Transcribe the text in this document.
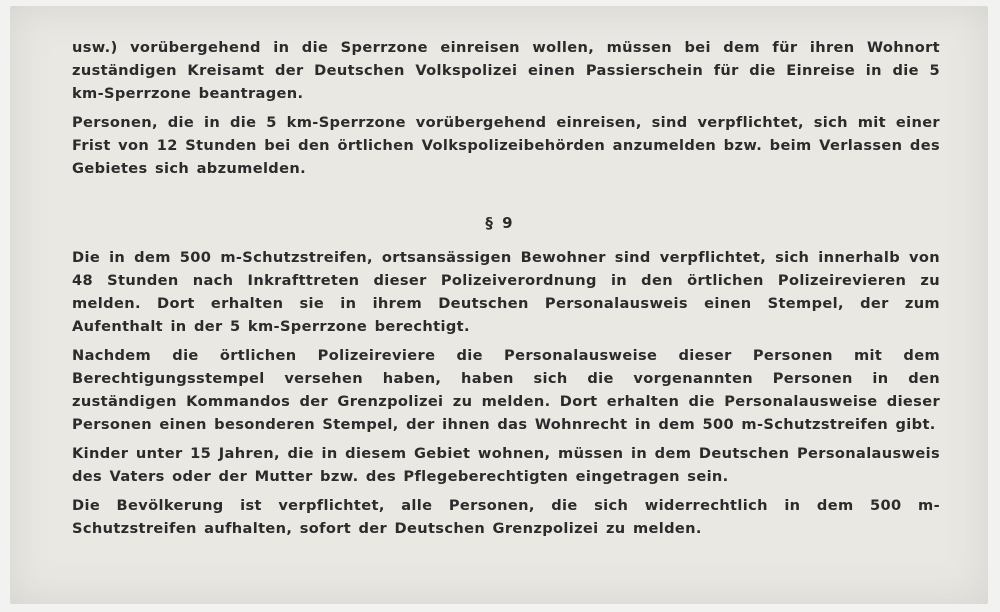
usw.) vorübergehend in die Sperrzone einreisen wollen, müssen bei dem für ihren Wohnort zuständigen Kreisamt der Deutschen Volkspolizei einen Passierschein für die Einreise in die 5 km-Sperrzone beantragen.

Personen, die in die 5 km-Sperrzone vorübergehend einreisen, sind verpflichtet, sich mit einer Frist von 12 Stunden bei den örtlichen Volkspolizeibehörden anzumelden bzw. beim Verlassen des Gebietes sich abzumelden.

§ 9

Die in dem 500 m-Schutzstreifen, ortsansässigen Bewohner sind verpflichtet, sich innerhalb von 48 Stunden nach Inkrafttreten dieser Polizeiverordnung in den örtlichen Polizeirevieren zu melden. Dort erhalten sie in ihrem Deutschen Personalausweis einen Stempel, der zum Aufenthalt in der 5 km-Sperrzone berechtigt.

Nachdem die örtlichen Polizeireviere die Personalausweise dieser Personen mit dem Berechtigungsstempel versehen haben, haben sich die vorgenannten Personen in den zuständigen Kommandos der Grenzpolizei zu melden. Dort erhalten die Personalausweise dieser Personen einen besonderen Stempel, der ihnen das Wohnrecht in dem 500 m-Schutzstreifen gibt.

Kinder unter 15 Jahren, die in diesem Gebiet wohnen, müssen in dem Deutschen Personalausweis des Vaters oder der Mutter bzw. des Pflegeberechtigten eingetragen sein.

Die Bevölkerung ist verpflichtet, alle Personen, die sich widerrechtlich in dem 500 m-Schutzstreifen aufhalten, sofort der Deutschen Grenzpolizei zu melden.
